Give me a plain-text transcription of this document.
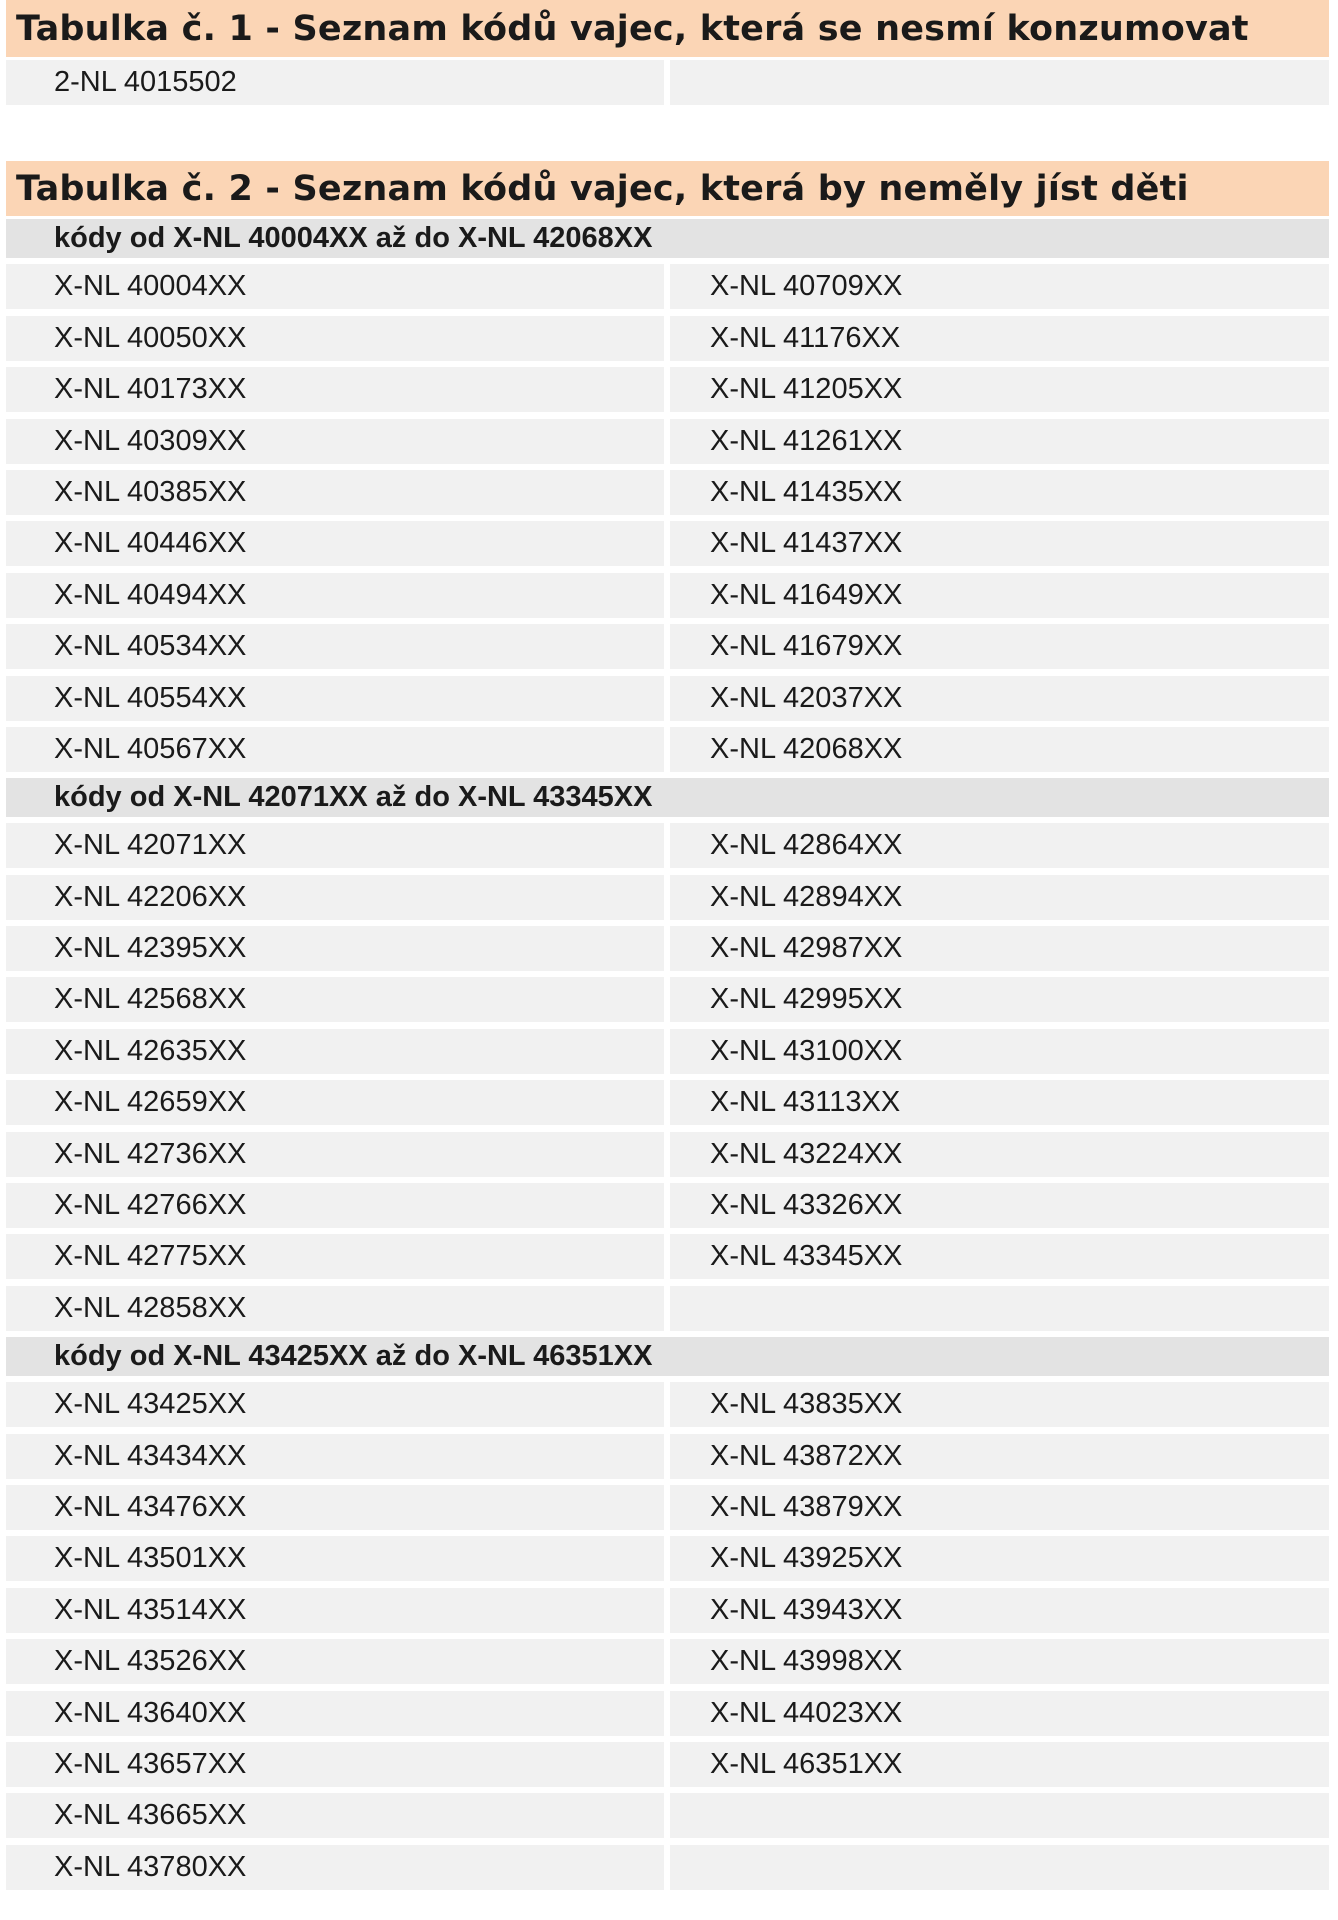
Tabulka č. 1 - Seznam kódů vajec, která se nesmí konzumovat
2-NL 4015502
Tabulka č. 2 - Seznam kódů vajec, která by neměly jíst děti
kódy od X-NL 40004XX až do X-NL 42068XX
X-NL 40004XX	X-NL 40709XX
X-NL 40050XX	X-NL 41176XX
X-NL 40173XX	X-NL 41205XX
X-NL 40309XX	X-NL 41261XX
X-NL 40385XX	X-NL 41435XX
X-NL 40446XX	X-NL 41437XX
X-NL 40494XX	X-NL 41649XX
X-NL 40534XX	X-NL 41679XX
X-NL 40554XX	X-NL 42037XX
X-NL 40567XX	X-NL 42068XX
kódy od X-NL 42071XX až do X-NL 43345XX
X-NL 42071XX	X-NL 42864XX
X-NL 42206XX	X-NL 42894XX
X-NL 42395XX	X-NL 42987XX
X-NL 42568XX	X-NL 42995XX
X-NL 42635XX	X-NL 43100XX
X-NL 42659XX	X-NL 43113XX
X-NL 42736XX	X-NL 43224XX
X-NL 42766XX	X-NL 43326XX
X-NL 42775XX	X-NL 43345XX
X-NL 42858XX
kódy od X-NL 43425XX až do X-NL 46351XX
X-NL 43425XX	X-NL 43835XX
X-NL 43434XX	X-NL 43872XX
X-NL 43476XX	X-NL 43879XX
X-NL 43501XX	X-NL 43925XX
X-NL 43514XX	X-NL 43943XX
X-NL 43526XX	X-NL 43998XX
X-NL 43640XX	X-NL 44023XX
X-NL 43657XX	X-NL 46351XX
X-NL 43665XX
X-NL 43780XX
